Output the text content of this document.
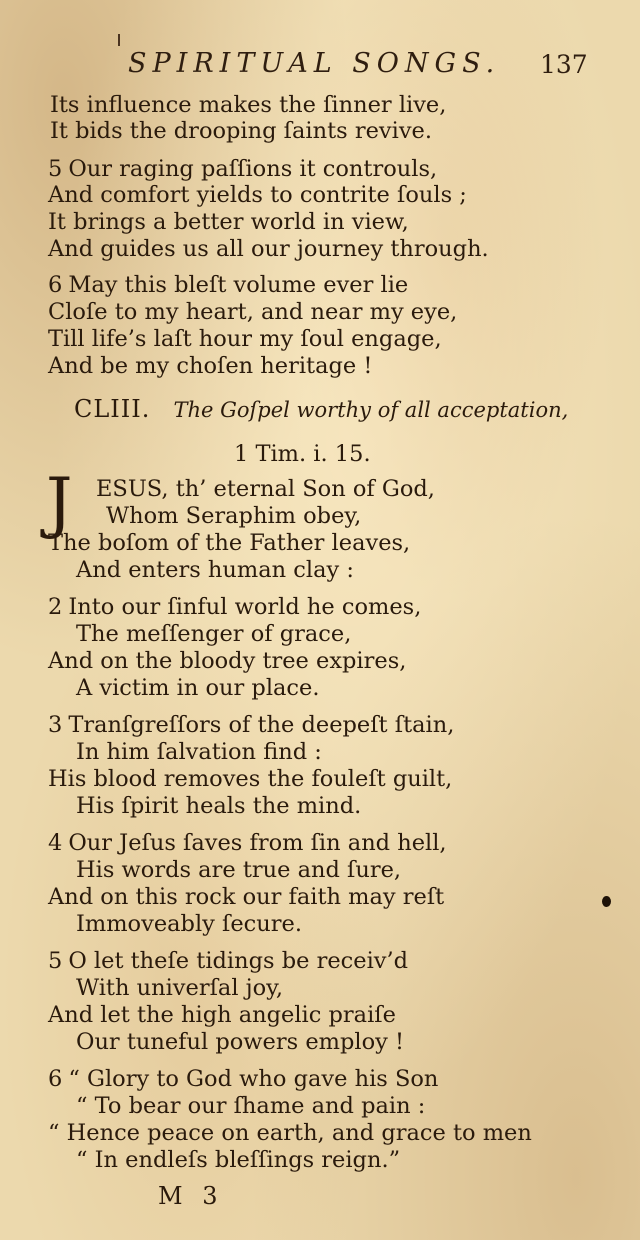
SPIRITUAL SONGS. 137
Its influence makes the ſinner live,
It bids the drooping ſaints revive.
5 Our raging paſſions it controuls,
And comfort yields to contrite ſouls ;
It brings a better world in view,
And guides us all our journey through.
6 May this bleſt volume ever lie
Cloſe to my heart, and near my eye,
Till life’s laſt hour my ſoul engage,
And be my choſen heritage !
CLIII. The Goſpel worthy of all acceptation,
1 Tim. i. 15.
J ESUS, th’ eternal Son of God,
Whom Seraphim obey,
The boſom of the Father leaves,
And enters human clay :
2 Into our ſinful world he comes,
The meſſenger of grace,
And on the bloody tree expires,
A victim in our place.
3 Tranſgreſſors of the deepeſt ſtain,
In him ſalvation find :
His blood removes the fouleſt guilt,
His ſpirit heals the mind.
4 Our Jeſus ſaves from ſin and hell,
His words are true and ſure,
And on this rock our faith may reſt
Immoveably ſecure.
5 O let theſe tidings be receiv’d
With univerſal joy,
And let the high angelic praiſe
Our tuneful powers employ !
6 “ Glory to God who gave his Son
“ To bear our ſhame and pain :
“ Hence peace on earth, and grace to men
“ In endleſs bleſſings reign.”
M 3
